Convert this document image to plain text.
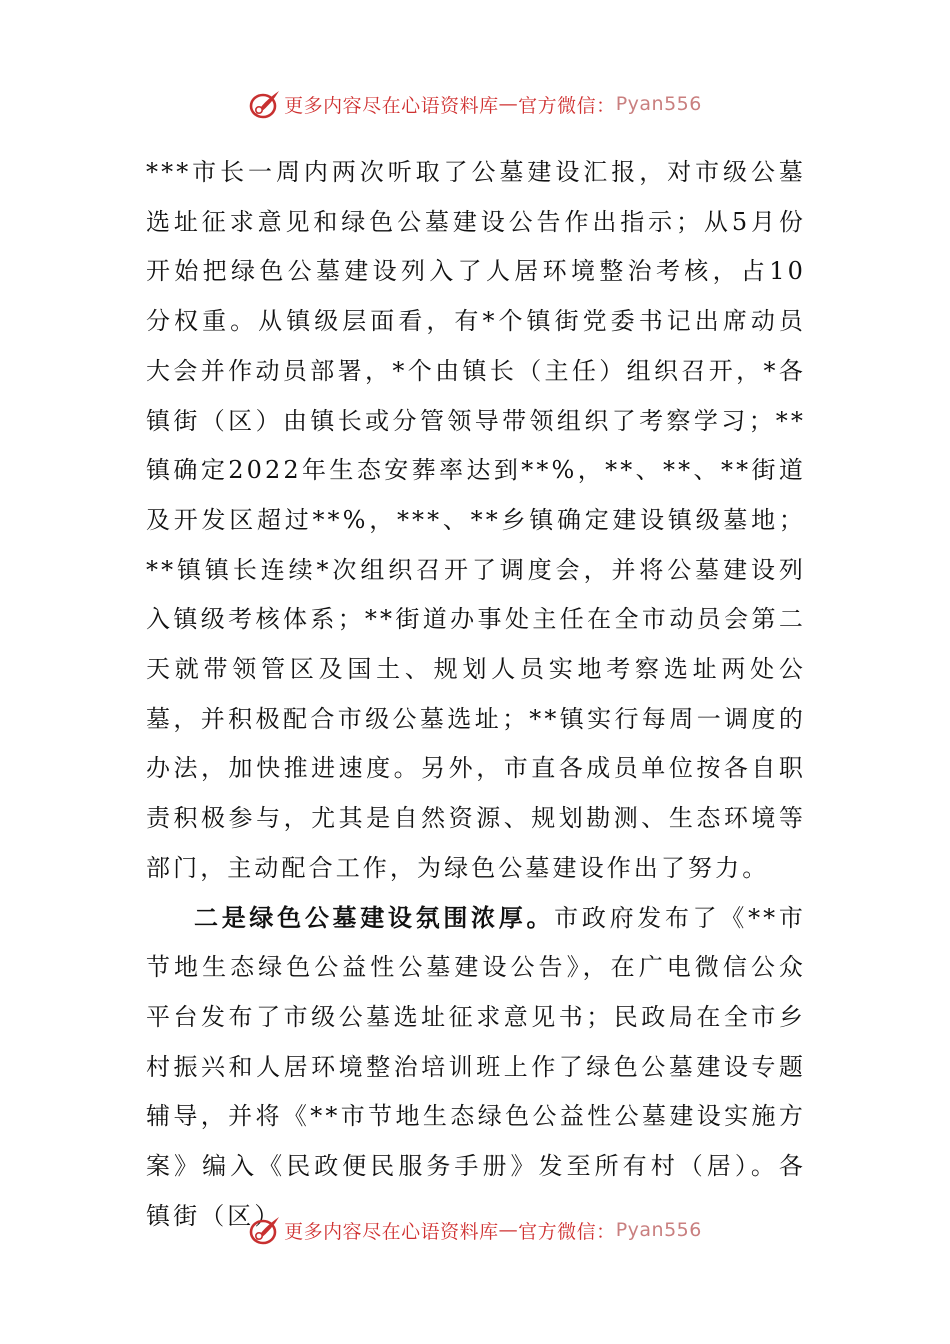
更多内容尽在心语资料库 — 官方微信： Pyan556

***市长一周内两次听取了公墓建设汇报，对市级公墓选址征求意见和绿色公墓建设公告作出指示；从5月份开始把绿色公墓建设列入了人居环境整治考核，占10分权重。从镇级层面看，有*个镇街党委书记出席动员大会并作动员部署，*个由镇长（主任）组织召开，*各镇街（区）由镇长或分管领导带领组织了考察学习；**镇确定2022年生态安葬率达到**%，**、**、**街道及开发区超过**%，***、**乡镇确定建设镇级墓地；**镇镇长连续*次组织召开了调度会，并将公墓建设列入镇级考核体系；**街道办事处主任在全市动员会第二天就带领管区及国土、规划人员实地考察选址两处公墓，并积极配合市级公墓选址；**镇实行每周一调度的办法，加快推进速度。另外，市直各成员单位按各自职责积极参与，尤其是自然资源、规划勘测、生态环境等部门，主动配合工作，为绿色公墓建设作出了努力。

二是绿色公墓建设氛围浓厚。市政府发布了《**市节地生态绿色公益性公墓建设公告》，在广电微信公众平台发布了市级公墓选址征求意见书；民政局在全市乡村振兴和人居环境整治培训班上作了绿色公墓建设专题辅导，并将《**市节地生态绿色公益性公墓建设实施方案》编入《民政便民服务手册》发至所有村（居）。各镇街（区）

更多内容尽在心语资料库 — 官方微信： Pyan556
